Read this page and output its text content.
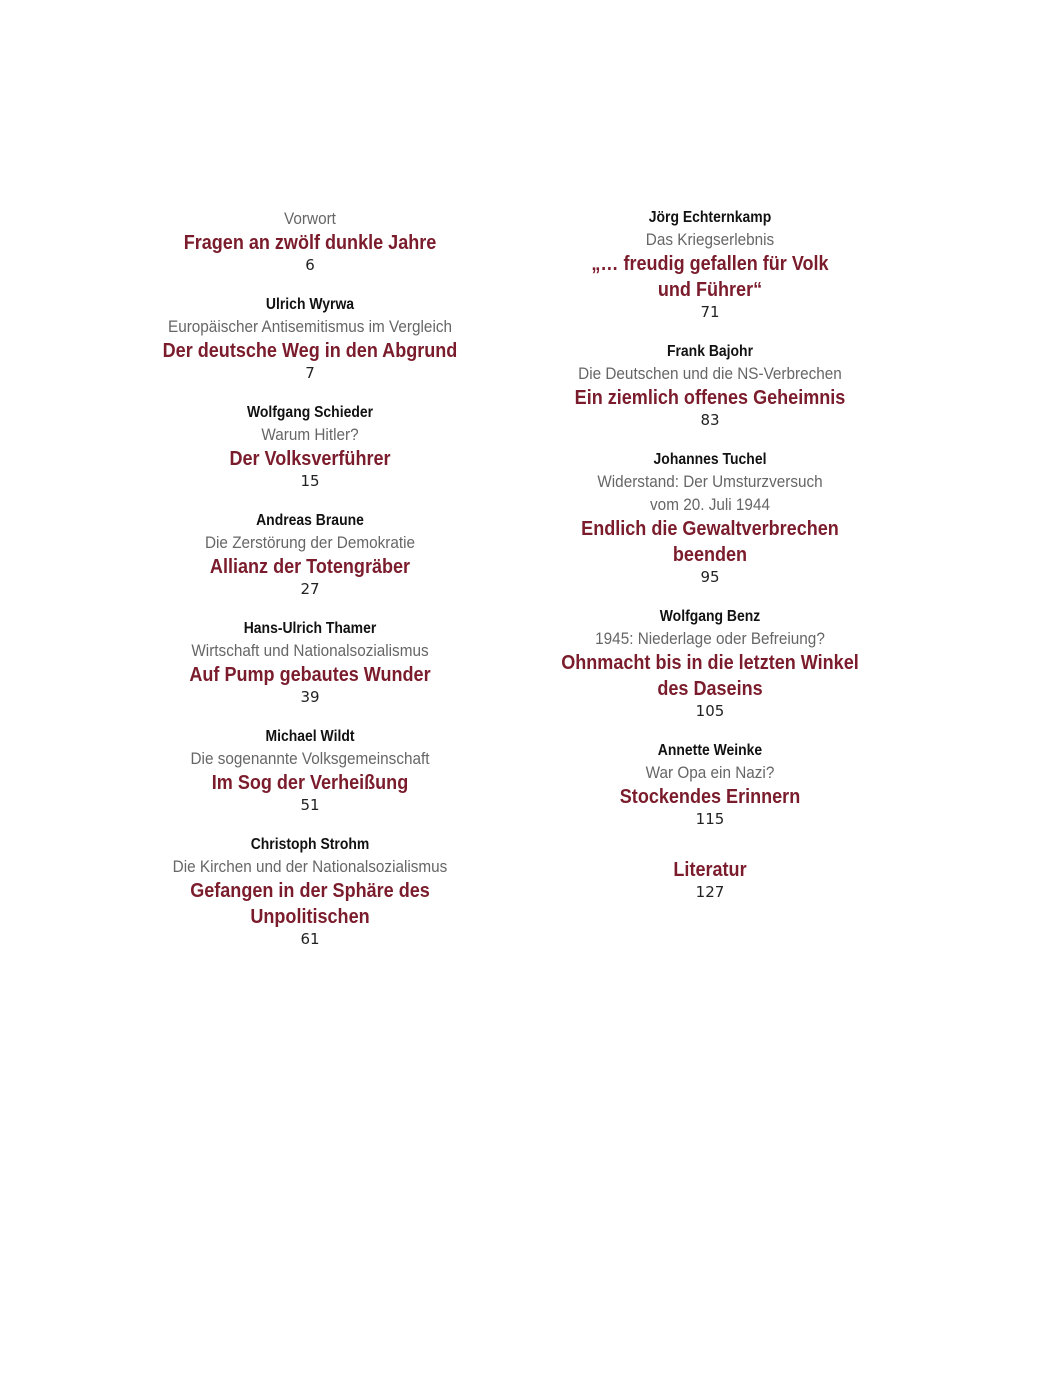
Vorwort
Fragen an zwölf dunkle Jahre
6
Ulrich Wyrwa
Europäischer Antisemitismus im Vergleich
Der deutsche Weg in den Abgrund
7
Wolfgang Schieder
Warum Hitler?
Der Volksverführer
15
Andreas Braune
Die Zerstörung der Demokratie
Allianz der Totengräber
27
Hans-Ulrich Thamer
Wirtschaft und Nationalsozialismus
Auf Pump gebautes Wunder
39
Michael Wildt
Die sogenannte Volksgemeinschaft
Im Sog der Verheißung
51
Christoph Strohm
Die Kirchen und der Nationalsozialismus
Gefangen in der Sphäre des Unpolitischen
61
Jörg Echternkamp
Das Kriegserlebnis
„… freudig gefallen für Volk
und Führer“
71
Frank Bajohr
Die Deutschen und die NS-Verbrechen
Ein ziemlich offenes Geheimnis
83
Johannes Tuchel
Widerstand: Der Umsturzversuch
vom 20. Juli 1944
Endlich die Gewaltverbrechen
beenden
95
Wolfgang Benz
1945: Niederlage oder Befreiung?
Ohnmacht bis in die letzten Winkel
des Daseins
105
Annette Weinke
War Opa ein Nazi?
Stockendes Erinnern
115
Literatur
127
